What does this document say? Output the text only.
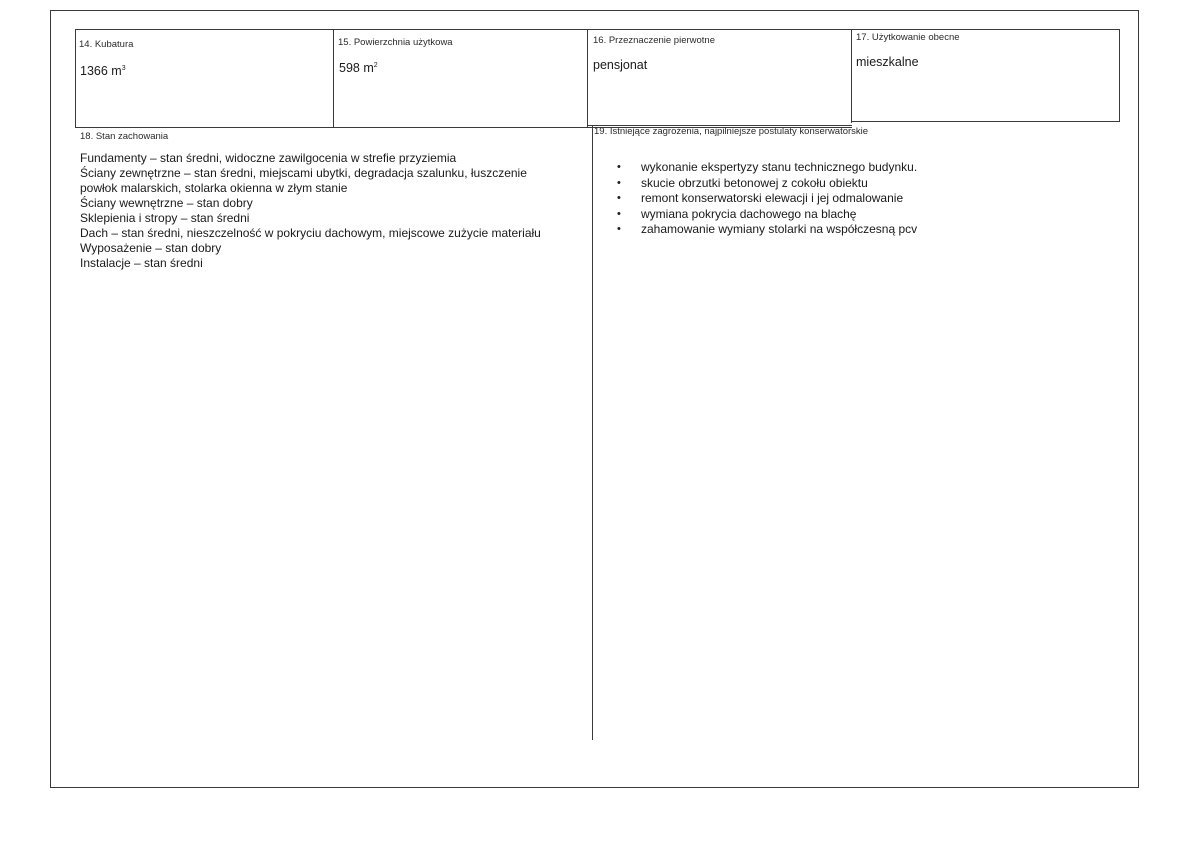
14. Kubatura
1366 $m^3$
15. Powierzchnia użytkowa
598 $m^2$
16. Przeznaczenie pierwotne
pensjonat
17. Użytkowanie obecne
mieszkalne
18. Stan zachowania
Fundamenty – stan średni, widoczne zawilgocenia w strefie przyziemia
Ściany zewnętrzne – stan średni, miejscami ubytki, degradacja szalunku, łuszczenie
powłok malarskich, stolarka okienna w złym stanie
Ściany wewnętrzne – stan dobry
Sklepienia i stropy – stan średni
Dach – stan średni, nieszczelność w pokryciu dachowym, miejscowe zużycie materiału
Wyposażenie – stan dobry
Instalacje – stan średni
19. Istniejące zagrożenia, najpilniejsze postulaty konserwatorskie
• wykonanie ekspertyzy stanu technicznego budynku.
• skucie obrzutki betonowej z cokołu obiektu
• remont konserwatorski elewacji i jej odmalowanie
• wymiana pokrycia dachowego na blachę
• zahamowanie wymiany stolarki na współczesną pcv
